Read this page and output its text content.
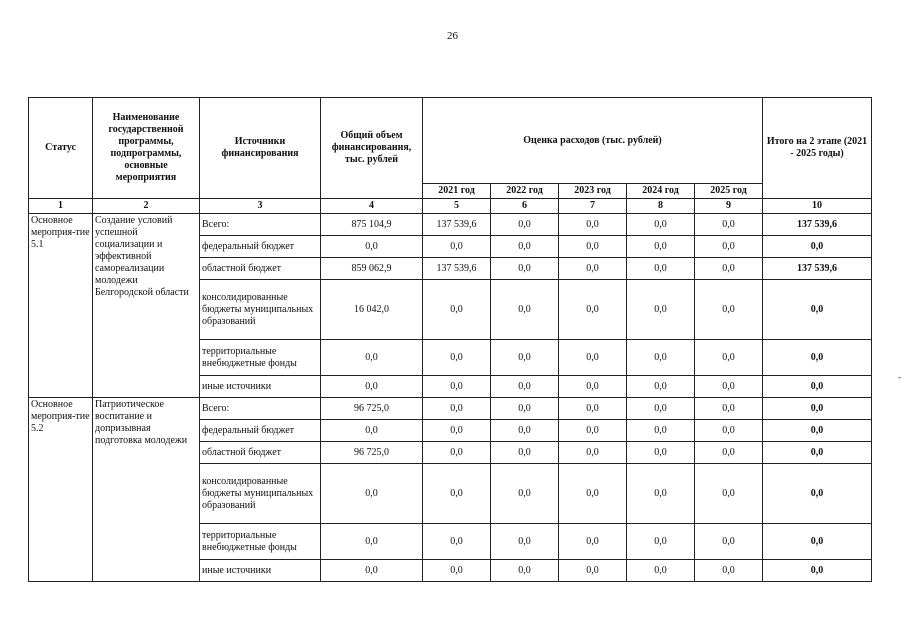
26
Статус	Наименование государственной программы, подпрограммы, основные мероприятия	Источники финансирования	Общий объем финансирования, тыс. рублей	Оценка расходов (тыс. рублей)					Итого на 2 этапе (2021 - 2025 годы)
				2021 год	2022 год	2023 год	2024 год	2025 год	
1	2	3	4	5	6	7	8	9	10
Основное мероприя-тие 5.1	Создание условий успешной социализации и эффективной самореализации молодежи Белгородской области	Всего:	875 104,9	137 539,6	0,0	0,0	0,0	0,0	137 539,6
		федеральный бюджет	0,0	0,0	0,0	0,0	0,0	0,0	0,0
		областной бюджет	859 062,9	137 539,6	0,0	0,0	0,0	0,0	137 539,6
		консолидированные бюджеты муниципальных образований	16 042,0	0,0	0,0	0,0	0,0	0,0	0,0
		территориальные внебюджетные фонды	0,0	0,0	0,0	0,0	0,0	0,0	0,0
		иные источники	0,0	0,0	0,0	0,0	0,0	0,0	0,0
Основное мероприя-тие 5.2	Патриотическое воспитание и допризывная подготовка молодежи	Всего:	96 725,0	0,0	0,0	0,0	0,0	0,0	0,0
		федеральный бюджет	0,0	0,0	0,0	0,0	0,0	0,0	0,0
		областной бюджет	96 725,0	0,0	0,0	0,0	0,0	0,0	0,0
		консолидированные бюджеты муниципальных образований	0,0	0,0	0,0	0,0	0,0	0,0	0,0
		территориальные внебюджетные фонды	0,0	0,0	0,0	0,0	0,0	0,0	0,0
		иные источники	0,0	0,0	0,0	0,0	0,0	0,0	0,0
-
